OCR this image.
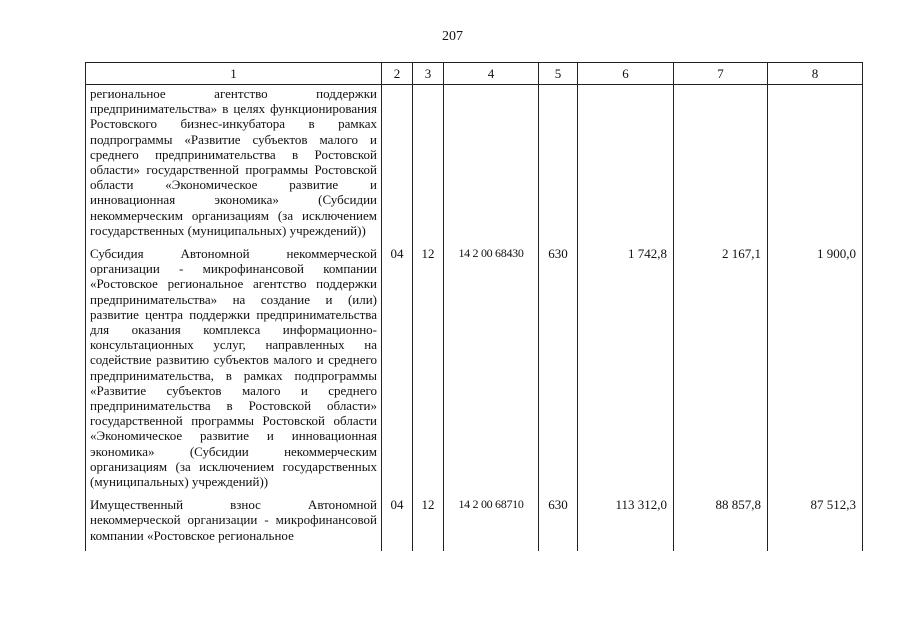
207
1	2	3	4	5	6	7	8
региональное агентство поддержки предпринимательства» в целях функционирования Ростовского бизнес-инкубатора в рамках подпрограммы «Развитие субъектов малого и среднего предпринимательства в Ростовской области» государственной программы Ростовской области «Экономическое развитие и инновационная экономика» (Субсидии некоммерческим организациям (за исключением государственных (муниципальных) учреждений))							
Субсидия Автономной некоммерческой организации - микрофинансовой компании «Ростовское региональное агентство поддержки предпринимательства» на создание и (или) развитие центра поддержки предпринимательства для оказания комплекса информационно-консультационных услуг, направленных на содействие развитию субъектов малого и среднего предпринимательства, в рамках подпрограммы «Развитие субъектов малого и среднего предпринимательства в Ростовской области» государственной программы Ростовской области «Экономическое развитие и инновационная экономика» (Субсидии некоммерческим организациям (за исключением государственных (муниципальных) учреждений))	04	12	14 2 00 68430	630	1 742,8	2 167,1	1 900,0
Имущественный взнос Автономной некоммерческой организации - микрофинансовой компании «Ростовское региональное	04	12	14 2 00 68710	630	113 312,0	88 857,8	87 512,3
